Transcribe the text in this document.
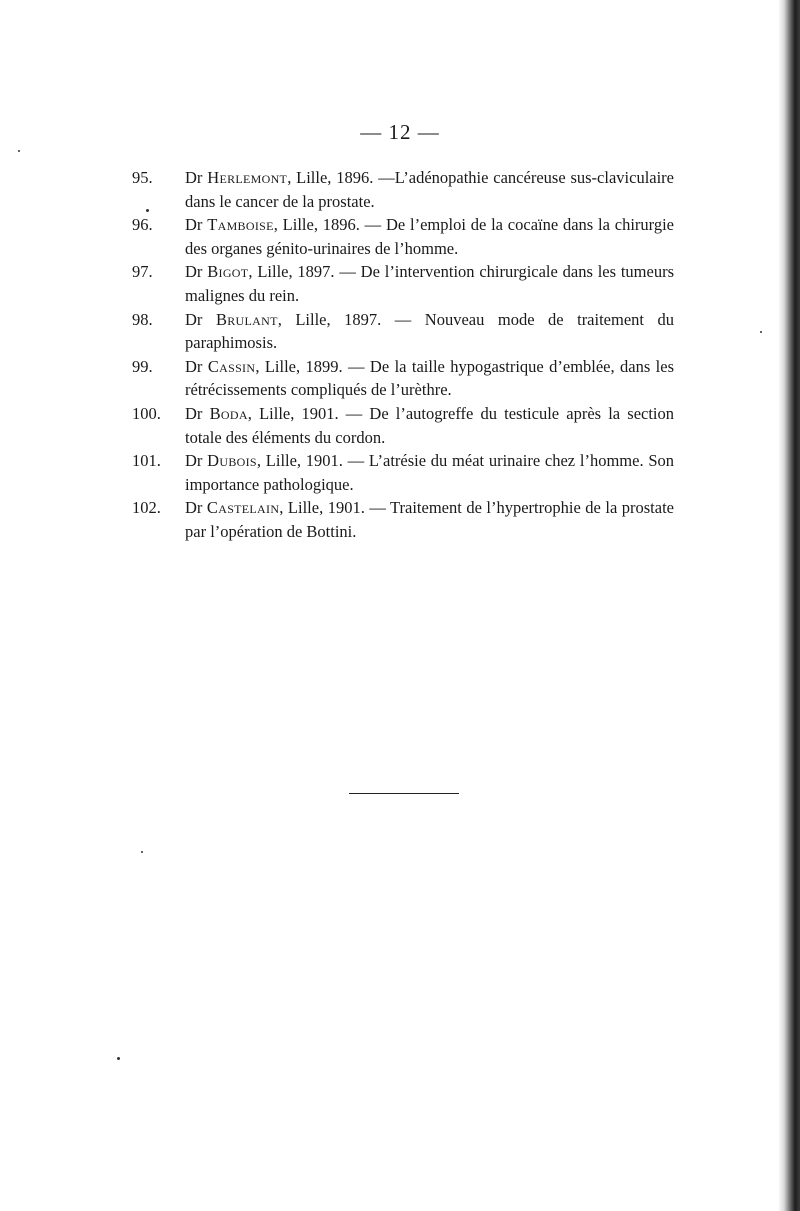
— 12 —
95.	Dr Herlemont, Lille, 1896. —L’adénopathie cancéreuse sus-claviculaire dans le cancer de la prostate.
96.	Dr Tamboise, Lille, 1896. — De l’emploi de la cocaïne dans la chirurgie des organes génito-urinaires de l’homme.
97.	Dr Bigot, Lille, 1897. — De l’intervention chirurgicale dans les tumeurs malignes du rein.
98.	Dr Brulant, Lille, 1897. — Nouveau mode de traitement du paraphimosis.
99.	Dr Cassin, Lille, 1899. — De la taille hypogastrique d’emblée, dans les rétrécissements compliqués de l’urèthre.
100.	Dr Boda, Lille, 1901. — De l’autogreffe du testicule après la section totale des éléments du cordon.
101.	Dr Dubois, Lille, 1901. — L’atrésie du méat urinaire chez l’homme. Son importance pathologique.
102.	Dr Castelain, Lille, 1901. — Traitement de l’hypertrophie de la prostate par l’opération de Bottini.
